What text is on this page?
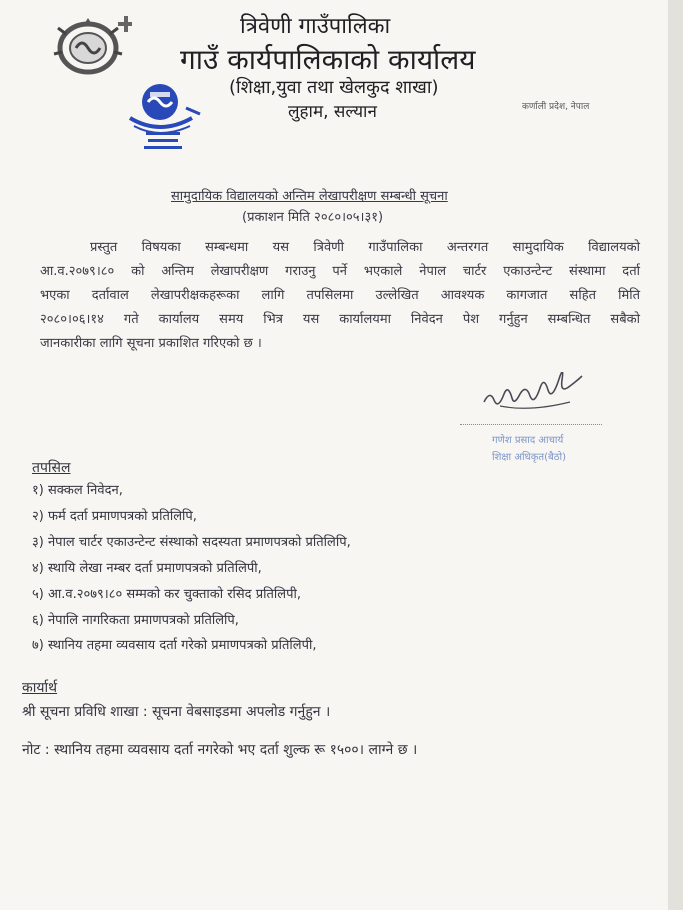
त्रिवेणी गाउँपालिका
गाउँ कार्यपालिकाको कार्यालय
(शिक्षा,युवा तथा खेलकुद शाखा)
लुहाम, सल्यान	कर्णाली प्रदेश, नेपाल
सामुदायिक विद्यालयको अन्तिम लेखापरीक्षण सम्बन्धी सूचना
(प्रकाशन मिति २०८०।०५।३१)
प्रस्तुत विषयका सम्बन्धमा यस त्रिवेणी गाउँपालिका अन्तरगत सामुदायिक विद्यालयको
आ.व.२०७९।८० को अन्तिम लेखापरीक्षण गराउनु पर्ने भएकाले नेपाल चार्टर एकाउन्टेन्ट संस्थामा दर्ता
भएका दर्तावाल लेखापरीक्षकहरूका लागि तपसिलमा उल्लेखित आवश्यक कागजात सहित मिति
२०८०।०६।१४ गते कार्यालय समय भित्र यस कार्यालयमा निवेदन पेश गर्नुहुन सम्बन्धित सबैको
जानकारीका लागि सूचना प्रकाशित गरिएको छ ।
गणेश प्रसाद आचार्य
शिक्षा अधिकृत(बैठो)
तपसिल
१) सक्कल निवेदन,
२) फर्म दर्ता प्रमाणपत्रको प्रतिलिपि,
३) नेपाल चार्टर एकाउन्टेन्ट संस्थाको सदस्यता प्रमाणपत्रको प्रतिलिपि,
४) स्थायि लेखा नम्बर दर्ता प्रमाणपत्रको प्रतिलिपी,
५) आ.व.२०७९।८० सम्मको कर चुक्ताको रसिद प्रतिलिपी,
६) नेपालि नागरिकता प्रमाणपत्रको प्रतिलिपि,
७) स्थानिय तहमा व्यवसाय दर्ता गरेको प्रमाणपत्रको प्रतिलिपी,
कार्यार्थ
श्री सूचना प्रविधि शाखा : सूचना वेबसाइडमा अपलोड गर्नुहुन ।
नोट : स्थानिय तहमा व्यवसाय दर्ता नगरेको भए दर्ता शुल्क रू १५००। लाग्ने छ ।
